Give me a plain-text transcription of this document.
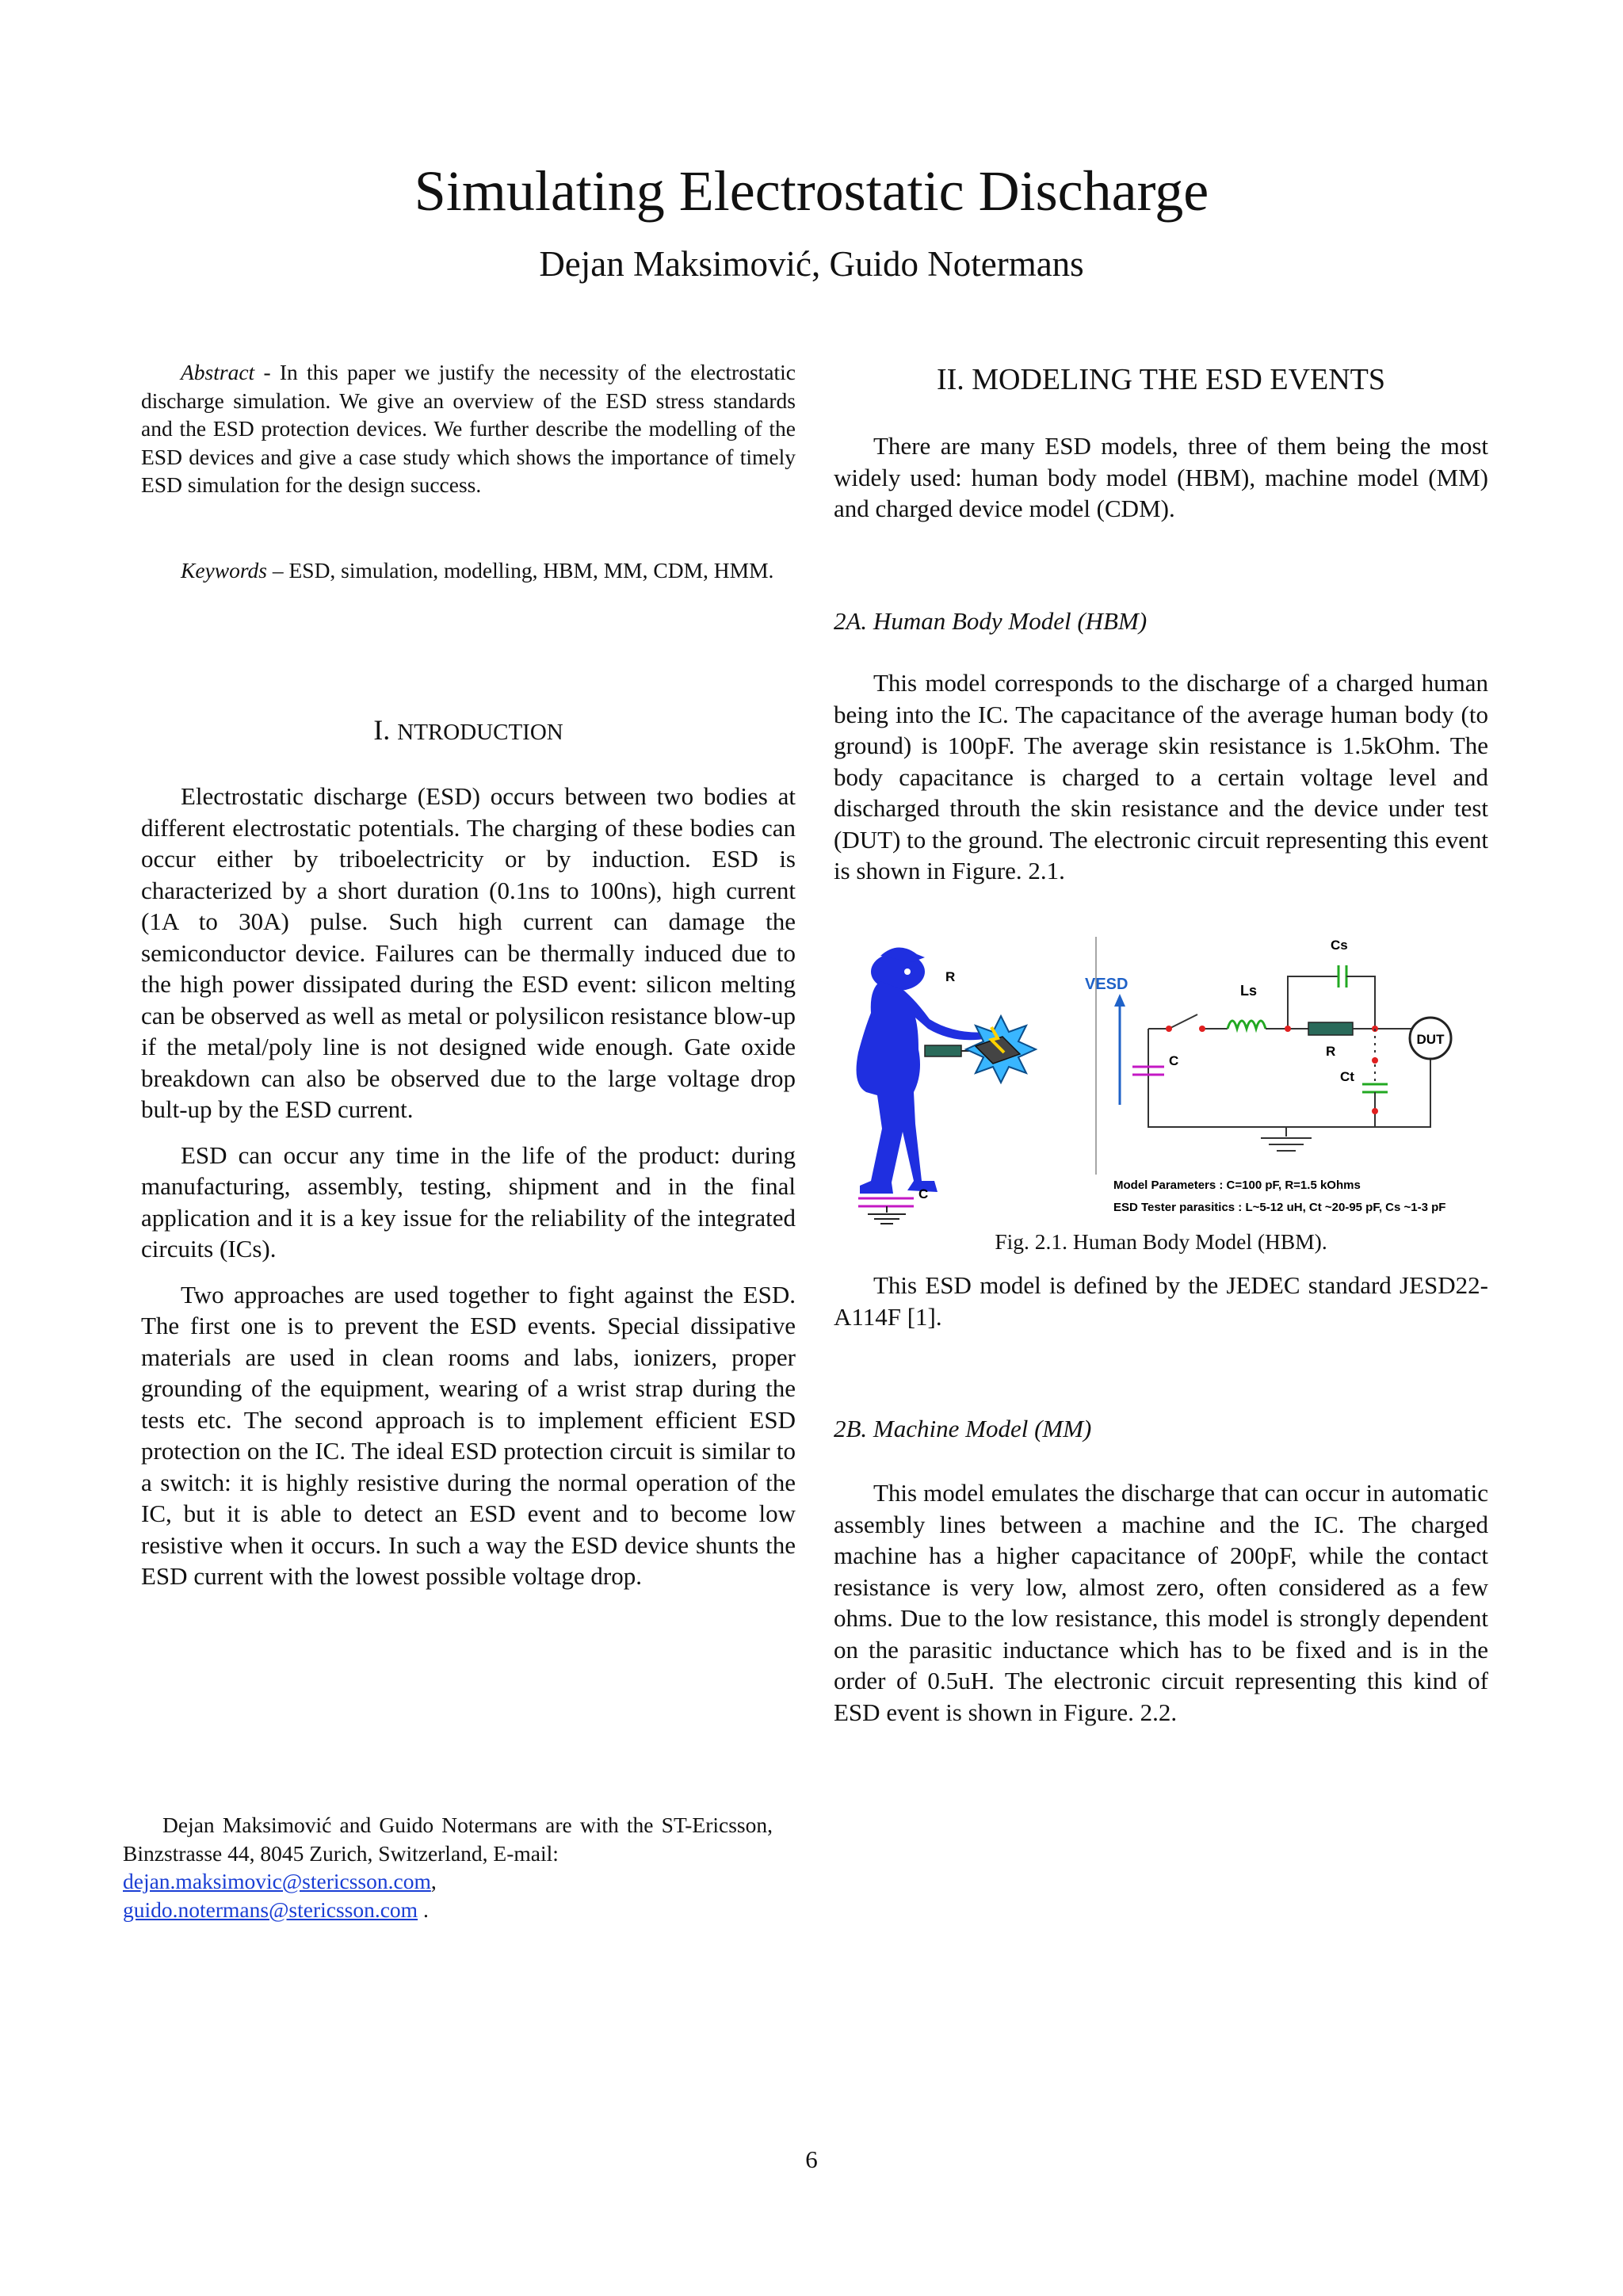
Simulating Electrostatic Discharge
Dejan Maksimović, Guido Notermans

Abstract - In this paper we justify the necessity of the electrostatic discharge simulation. We give an overview of the ESD stress standards and the ESD protection devices. We further describe the modelling of the ESD devices and give a case study which shows the importance of timely ESD simulation for the design success.

Keywords – ESD, simulation, modelling, HBM, MM, CDM, HMM.

I. NTRODUCTION

Electrostatic discharge (ESD) occurs between two bodies at different electrostatic potentials. The charging of these bodies can occur either by triboelectricity or by induction. ESD is characterized by a short duration (0.1ns to 100ns), high current (1A to 30A) pulse. Such high current can damage the semiconductor device. Failures can be thermally induced due to the high power dissipated during the ESD event: silicon melting can be observed as well as metal or polysilicon resistance blow-up if the metal/poly line is not designed wide enough. Gate oxide breakdown can also be observed due to the large voltage drop bult-up by the ESD current.

ESD can occur any time in the life of the product: during manufacturing, assembly, testing, shipment and in the final application and it is a key issue for the reliability of the integrated circuits (ICs).

Two approaches are used together to fight against the ESD. The first one is to prevent the ESD events. Special dissipative materials are used in clean rooms and labs, ionizers, proper grounding of the equipment, wearing of a wrist strap during the tests etc. The second approach is to implement efficient ESD protection on the IC. The ideal ESD protection circuit is similar to a switch: it is highly resistive during the normal operation of the IC, but it is able to detect an ESD event and to become low resistive when it occurs. In such a way the ESD device shunts the ESD current with the lowest possible voltage drop.

Dejan Maksimović and Guido Notermans are with the ST-Ericsson, Binzstrasse 44, 8045 Zurich, Switzerland, E-mail:

dejan.maksimovic@stericsson.com,

guido.notermans@stericsson.com .

II. MODELING THE ESD EVENTS

There are many ESD models, three of them being the most widely used: human body model (HBM), machine model (MM) and charged device model (CDM).

2A. Human Body Model (HBM)

This model corresponds to the discharge of a charged human being into the IC. The capacitance of the average human body (to ground) is 100pF. The average skin resistance is 1.5kOhm. The body capacitance is charged to a certain voltage level and discharged throuth the skin resistance and the device under test (DUT) to the ground. The electronic circuit representing this event is shown in Figure. 2.1.

R
C
VESD
C
Ls
Cs
R
Ct
DUT
Model Parameters : C=100 pF, R=1.5 kOhms
ESD Tester parasitics : L~5-12 uH, Ct ~20-95 pF, Cs ~1-3 pF
Fig. 2.1. Human Body Model (HBM).

This ESD model is defined by the JEDEC standard JESD22-A114F [1].

2B. Machine Model (MM)

This model emulates the discharge that can occur in automatic assembly lines between a machine and the IC. The charged machine has a higher capacitance of 200pF, while the contact resistance is very low, almost zero, often considered as a few ohms. Due to the low resistance, this model is strongly dependent on the parasitic inductance which has to be fixed and is in the order of 0.5uH. The electronic circuit representing this kind of ESD event is shown in Figure. 2.2.

6
